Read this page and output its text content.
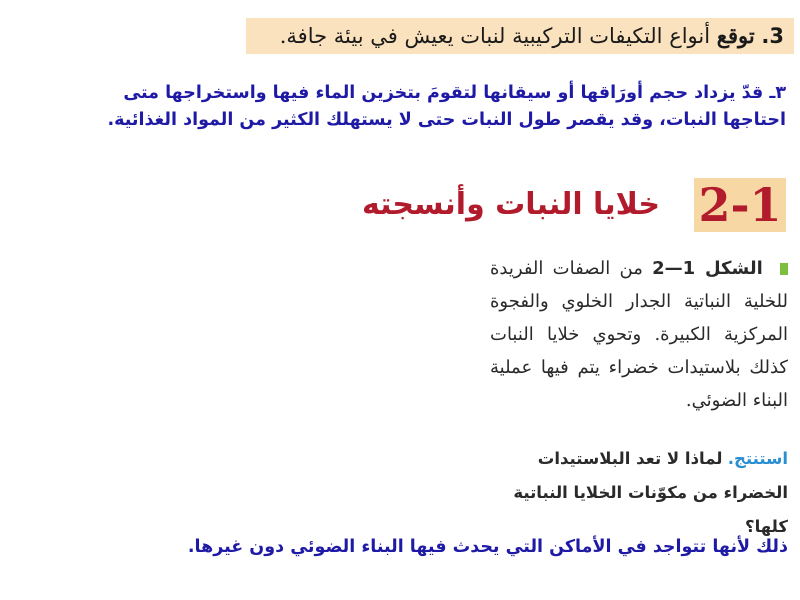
3. توقع أنواع التكيفات التركيبية لنبات يعيش في بيئة جافة.
٣ـ قدّ يزداد حجم أورَاقها أو سيقانها لتقومَ بتخزين الماء فيها واستخراجها متى احتاجها النبات، وقد يقصر طول النبات حتى لا يستهلك الكثير من المواد الغذائية.
2-1
خلايا النبات وأنسجته
الشكل 1—2 من الصفات الفريدة للخلية النباتية الجدار الخلوي والفجوة المركزية الكبيرة. وتحوي خلايا النبات كذلك بلاستيدات خضراء يتم فيها عملية البناء الضوئي.
استنتج. لماذا لا تعد البلاستيدات الخضراء من مكوّنات الخلايا النباتية كلها؟
ذلك لأنها تتواجد في الأماكن التي يحدث فيها البناء الضوئي دون غيرها.
